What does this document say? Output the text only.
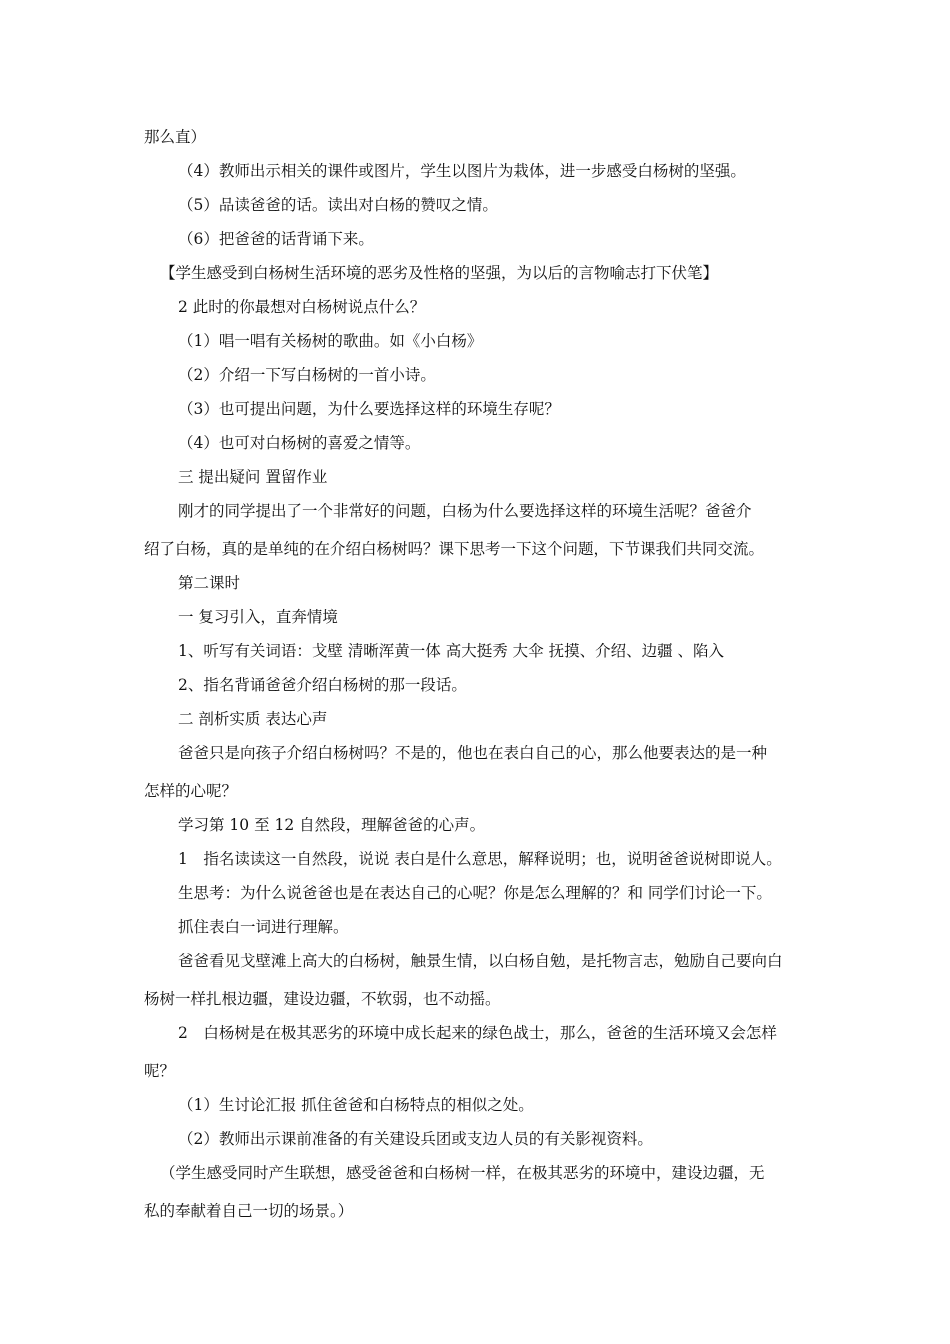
那么直）
（4）教师出示相关的课件或图片，学生以图片为栽体，进一步感受白杨树的坚强。
（5）品读爸爸的话。读出对白杨的赞叹之情。
（6）把爸爸的话背诵下来。
【学生感受到白杨树生活环境的恶劣及性格的坚强，为以后的言物喻志打下伏笔】
2 此时的你最想对白杨树说点什么？
（1）唱一唱有关杨树的歌曲。如《小白杨》
（2）介绍一下写白杨树的一首小诗。
（3）也可提出问题，为什么要选择这样的环境生存呢？
（4）也可对白杨树的喜爱之情等。
三 提出疑问 置留作业
刚才的同学提出了一个非常好的问题，白杨为什么要选择这样的环境生活呢？爸爸介
绍了白杨，真的是单纯的在介绍白杨树吗？课下思考一下这个问题，下节课我们共同交流。
第二课时
一 复习引入，直奔情境
1、听写有关词语：戈壁 清晰浑黄一体 高大挺秀 大伞 抚摸、介绍、边疆 、陷入
2、指名背诵爸爸介绍白杨树的那一段话。
二 剖析实质 表达心声
爸爸只是向孩子介绍白杨树吗？不是的，他也在表白自己的心，那么他要表达的是一种
怎样的心呢？
学习第 10 至 12 自然段，理解爸爸的心声。
1　指名读读这一自然段，说说 表白是什么意思，解释说明；也，说明爸爸说树即说人。
生思考：为什么说爸爸也是在表达自己的心呢？你是怎么理解的？和 同学们讨论一下。
抓住表白一词进行理解。
爸爸看见戈壁滩上高大的白杨树，触景生情，以白杨自勉，是托物言志，勉励自己要向白
杨树一样扎根边疆，建设边疆，不软弱，也不动摇。
2　白杨树是在极其恶劣的环境中成长起来的绿色战士，那么，爸爸的生活环境又会怎样
呢？
（1）生讨论汇报 抓住爸爸和白杨特点的相似之处。
（2）教师出示课前准备的有关建设兵团或支边人员的有关影视资料。
（学生感受同时产生联想，感受爸爸和白杨树一样，在极其恶劣的环境中，建设边疆，无
私的奉献着自己一切的场景。）
